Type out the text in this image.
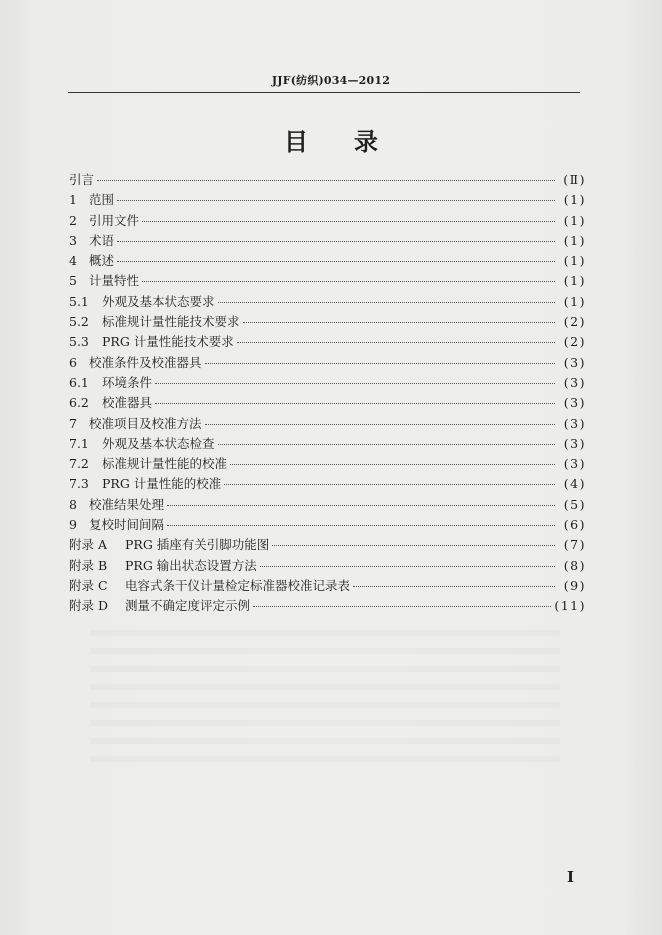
JJF(纺织)034—2012
目录
引言	(Ⅱ)
1 范围	(1)
2 引用文件	(1)
3 术语	(1)
4 概述	(1)
5 计量特性	(1)
5.1	外观及基本状态要求	(1)
5.2	标准规计量性能技术要求	(2)
5.3	PRG 计量性能技术要求	(2)
6 校准条件及校准器具	(3)
6.1	环境条件	(3)
6.2	校准器具	(3)
7 校准项目及校准方法	(3)
7.1	外观及基本状态检查	(3)
7.2	标准规计量性能的校准	(3)
7.3	PRG 计量性能的校准	(4)
8 校准结果处理	(5)
9 复校时间间隔	(6)
附录 A	PRG 插座有关引脚功能图	(7)
附录 B	PRG 输出状态设置方法	(8)
附录 C	电容式条干仪计量检定标准器校准记录表	(9)
附录 D	测量不确定度评定示例	(11)
I
